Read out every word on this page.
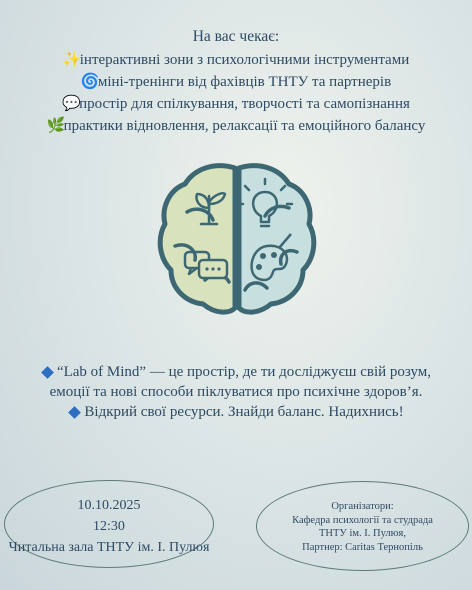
На вас чекає:
✨інтерактивні зони з психологічними інструментами
🌀міні-тренінги від фахівців ТНТУ та партнерів
💬простір для спілкування, творчості та самопізнання
🌿практики відновлення, релаксації та емоційного балансу
“Lab of Mind” — це простір, де ти досліджуєш свій розум,
емоції та нові способи піклуватися про психічне здоров’я.
Відкрий свої ресурси. Знайди баланс. Надихнись!
10.10.2025
12:30
Читальна зала ТНТУ ім. І. Пулюя
Організатори:
Кафедра психології та студрада
ТНТУ ім. І. Пулюя,
Партнер: Caritas Тернопіль
